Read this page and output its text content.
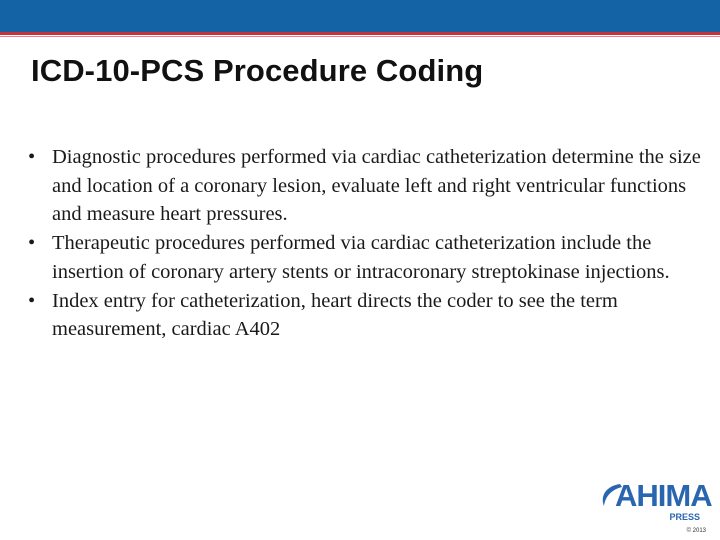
ICD-10-PCS Procedure Coding
• Diagnostic procedures performed via cardiac catheterization determine the size and location of a coronary lesion, evaluate left and right ventricular functions and measure heart pressures.
• Therapeutic procedures performed via cardiac catheterization include the insertion of coronary artery stents or intracoronary streptokinase injections.
• Index entry for catheterization, heart directs the coder to see the term measurement, cardiac A402
AHIMA
PRESS
© 2013
